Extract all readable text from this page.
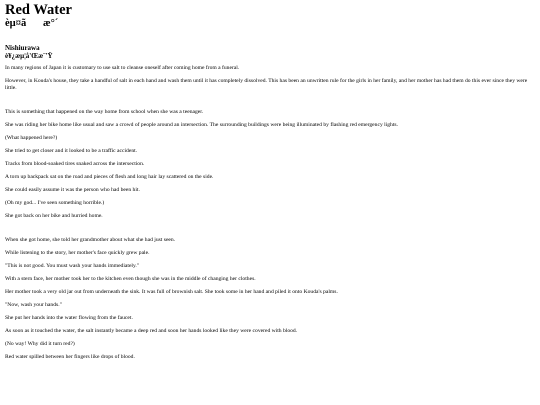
Red Water
èµ¤ãæ°´
Nishiurawa
è¥¿æµ¦å'Œæ¨'Ÿ

In many regions of Japan it is customary to use salt to cleanse oneself after coming home from a funeral.

However, in Kouda's house, they take a handful of salt in each hand and wash them until it has completely dissolved. This has been an unwritten rule for the girls in her family, and her mother has had them do this ever since they were little.

This is something that happened on the way home from school when she was a teenager.

She was riding her bike home like usual and saw a crowd of people around an intersection. The surrounding buildings were being illuminated by flashing red emergency lights.

(What happened here?)

She tried to get closer and it looked to be a traffic accident.

Tracks from blood-soaked tires snaked across the intersection.

A torn up backpack sat on the road and pieces of flesh and long hair lay scattered on the side.

She could easily assume it was the person who had been hit.

(Oh my god... I've seen something horrible.)

She got back on her bike and hurried home.

When she got home, she told her grandmother about what she had just seen.

While listening to the story, her mother's face quickly grew pale.

"This is not good. You must wash your hands immediately."

With a stern face, her mother took her to the kitchen even though she was in the middle of changing her clothes.

Her mother took a very old jar out from underneath the sink. It was full of brownish salt. She took some in her hand and piled it onto Kouda's palms.

"Now, wash your hands."

She put her hands into the water flowing from the faucet.

As soon as it touched the water, the salt instantly became a deep red and soon her hands looked like they were covered with blood.

(No way! Why did it turn red?)

Red water spilled between her fingers like drops of blood.
